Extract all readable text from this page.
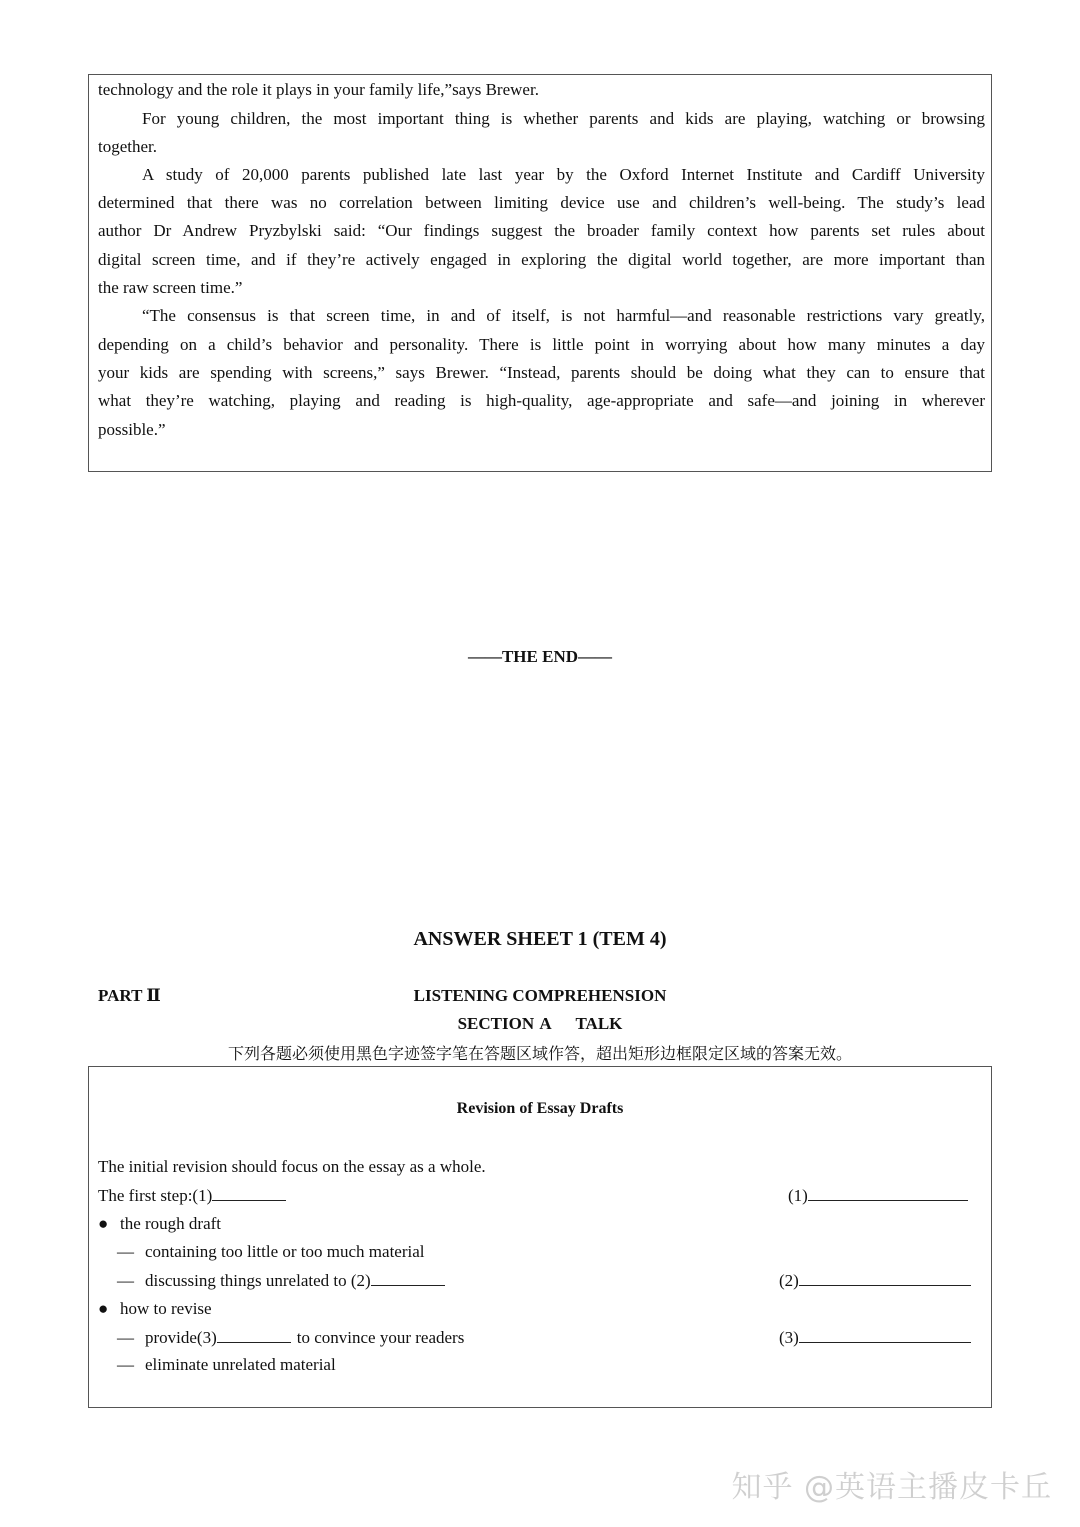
technology and the role it plays in your family life,”says Brewer.
For young children, the most important thing is whether parents and kids are playing, watching or browsing
together.
A study of 20,000 parents published late last year by the Oxford Internet Institute and Cardiff University
determined that there was no correlation between limiting device use and children’s well-being. The study’s lead
author Dr Andrew Pryzbylski said: “Our findings suggest the broader family context how parents set rules about
digital screen time, and if they’re actively engaged in exploring the digital world together, are more important than
the raw screen time.”
“The consensus is that screen time, in and of itself, is not harmful—and reasonable restrictions vary greatly,
depending on a child’s behavior and personality. There is little point in worrying about how many minutes a day
your kids are spending with screens,” says Brewer. “Instead, parents should be doing what they can to ensure that
what they’re watching, playing and reading is high-quality, age-appropriate and safe—and joining in wherever
possible.”
——THE END——
ANSWER SHEET 1 (TEM 4)
PART Ⅱ	LISTENING COMPREHENSION
SECTION A    TALK
下列各题必须使用黑色字迹签字笔在答题区域作答，超出矩形边框限定区域的答案无效。
Revision of Essay Drafts
The initial revision should focus on the essay as a whole.
The first step:(1)	(1)
● the rough draft
— containing too little or too much material
— discussing things unrelated to (2)	(2)
● how to revise
— provide(3)	to convince your readers	(3)
— eliminate unrelated material
知乎 @英语主播皮卡丘
